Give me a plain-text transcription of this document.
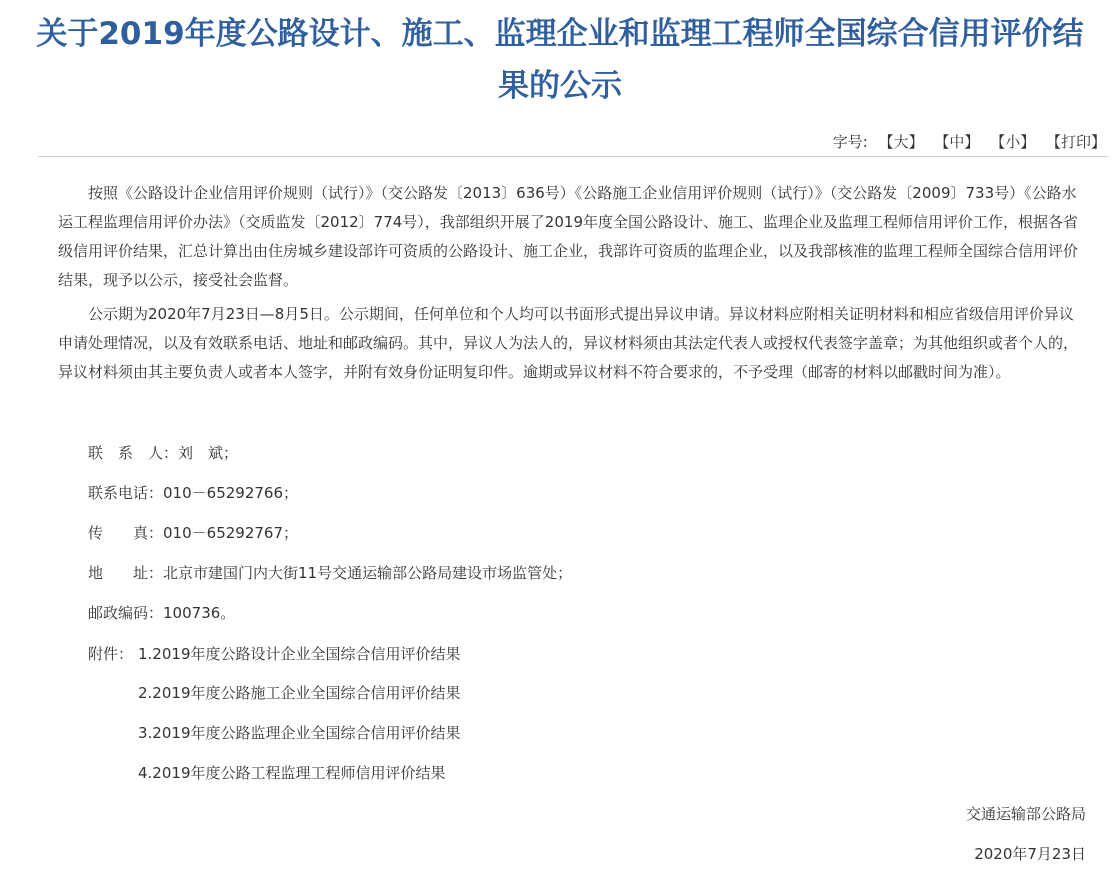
关于2019年度公路设计、施工、监理企业和监理工程师全国综合信用评价结果的公示
字号: 【大】 【中】 【小】 【打印】

按照《公路设计企业信用评价规则（试行）》（交公路发〔2013〕636号）《公路施工企业信用评价规则（试行）》（交公路发〔2009〕733号）《公路水运工程监理信用评价办法》（交质监发〔2012〕774号），我部组织开展了2019年度全国公路设计、施工、监理企业及监理工程师信用评价工作，根据各省级信用评价结果，汇总计算出由住房城乡建设部许可资质的公路设计、施工企业，我部许可资质的监理企业，以及我部核准的监理工程师全国综合信用评价结果，现予以公示，接受社会监督。

公示期为2020年7月23日—8月5日。公示期间，任何单位和个人均可以书面形式提出异议申请。异议材料应附相关证明材料和相应省级信用评价异议申请处理情况，以及有效联系电话、地址和邮政编码。其中，异议人为法人的，异议材料须由其法定代表人或授权代表签字盖章；为其他组织或者个人的，异议材料须由其主要负责人或者本人签字，并附有效身份证明复印件。逾期或异议材料不符合要求的，不予受理（邮寄的材料以邮戳时间为准）。

联　系　人：刘　斌；
联系电话：010－65292766；
传　　真：010－65292767；
地　　址：北京市建国门内大街11号交通运输部公路局建设市场监管处；
邮政编码：100736。
附件： 1.2019年度公路设计企业全国综合信用评价结果
2.2019年度公路施工企业全国综合信用评价结果
3.2019年度公路监理企业全国综合信用评价结果
4.2019年度公路工程监理工程师信用评价结果
交通运输部公路局
2020年7月23日
